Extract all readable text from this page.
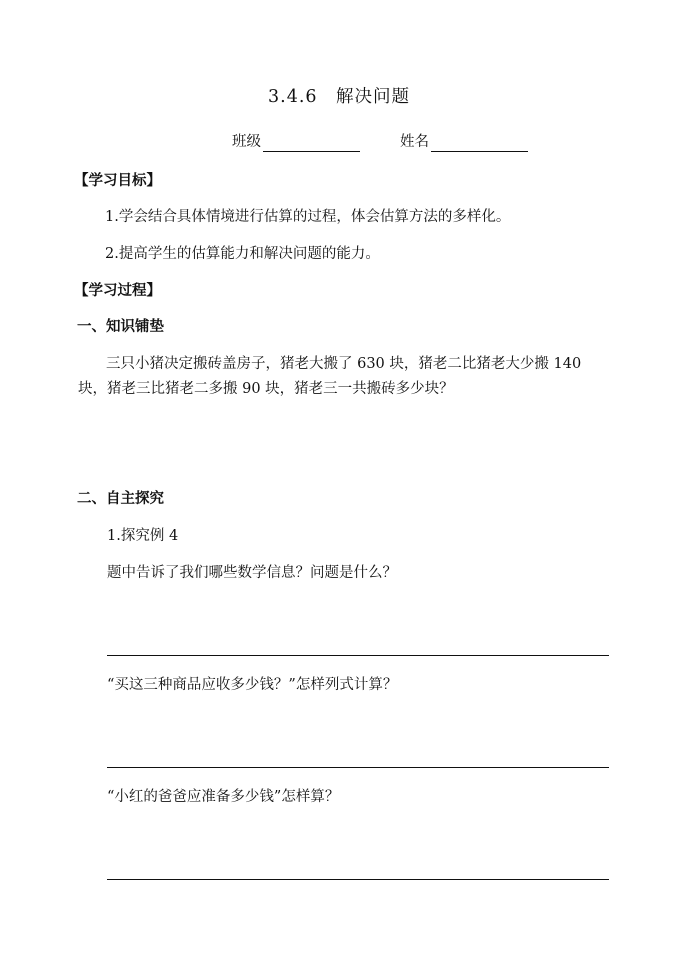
3.4.6　解决问题
班级	姓名
【学习目标】
1.学会结合具体情境进行估算的过程，体会估算方法的多样化。
2.提高学生的估算能力和解决问题的能力。
【学习过程】
一、知识铺垫
三只小猪决定搬砖盖房子，猪老大搬了 630 块，猪老二比猪老大少搬 140
块，猪老三比猪老二多搬 90 块，猪老三一共搬砖多少块？
二、自主探究
1.探究例 4
题中告诉了我们哪些数学信息？问题是什么？
“买这三种商品应收多少钱？”怎样列式计算？
“小红的爸爸应准备多少钱”怎样算？
